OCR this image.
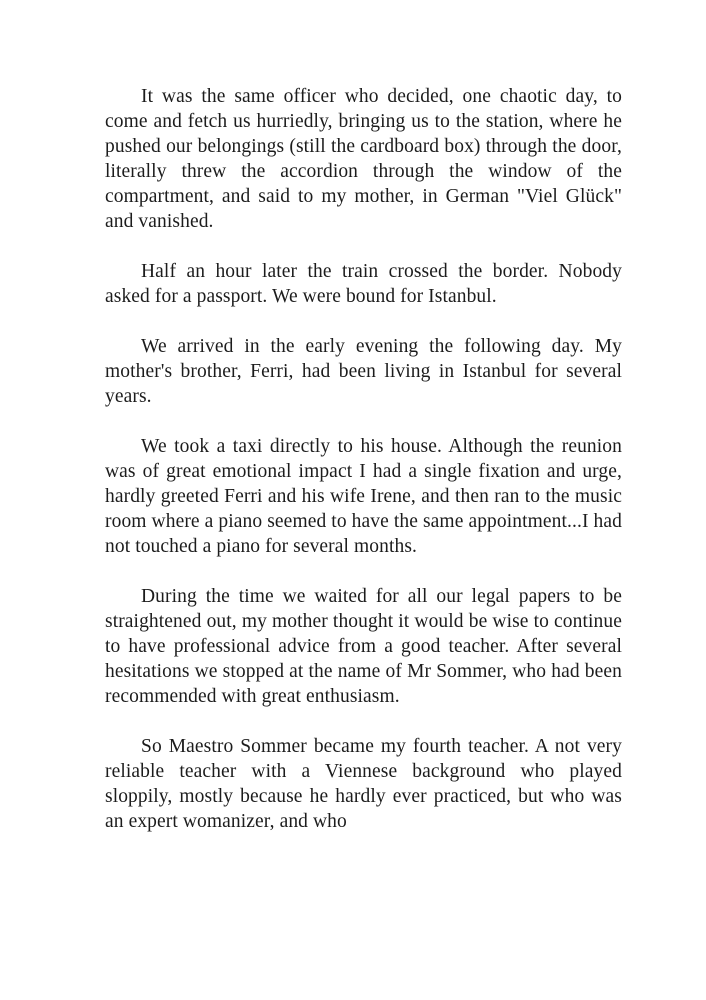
It was the same officer who decided, one chaotic day, to come and fetch us hurriedly, bringing us to the station, where he pushed our belongings (still the cardboard box) through the door, literally threw the accordion through the window of the compartment, and said to my mother, in German "Viel Glück" and vanished.

Half an hour later the train crossed the border. Nobody asked for a passport. We were bound for Istanbul.

We arrived in the early evening the following day. My mother's brother, Ferri, had been living in Istanbul for several years.

We took a taxi directly to his house. Although the reunion was of great emotional impact I had a single fixation and urge, hardly greeted Ferri and his wife Irene, and then ran to the music room where a piano seemed to have the same appointment...I had not touched a piano for several months.

During the time we waited for all our legal papers to be straightened out, my mother thought it would be wise to continue to have professional advice from a good teacher. After several hesitations we stopped at the name of Mr Sommer, who had been recommended with great enthusiasm.

So Maestro Sommer became my fourth teacher. A not very reliable teacher with a Viennese background who played sloppily, mostly because he hardly ever practiced, but who was an expert womanizer, and who
